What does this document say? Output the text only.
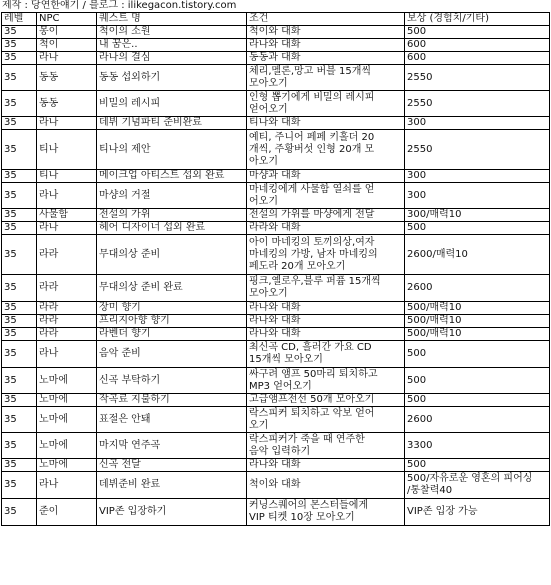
제작 : 당연한얘기 / 블로그 : ilikegacon.tistory.com
레벨	NPC	퀘스트 명	조건	보상 (경험치/기타)
35	몽이	척이의 소원	척이와 대화	500
35	척이	내 꿈은..	라나와 대화	600
35	라나	라나의 결심	동동과 대화	600
35	동동	동동 섭외하기	체리,멜론,망고 버블 15개씩
모아오기	2550
35	동동	비밀의 레시피	인형 뽑기에게 비밀의 레시피
얻어오기	2550
35	라나	데뷔 기념파티 준비완료	티나와 대화	300
35	티나	티나의 제안	예티, 주니어 페페 키홀더 20
개씩, 주황버섯 인형 20개 모
아오기	2550
35	티나	메이크업 아티스트 섭외 완료	마샹과 대화	300
35	라나	마샹의 거절	마네킹에게 사물함 열쇠를 얻
어오기	300
35	사물함	전설의 가위	전설의 가위를 마샹에게 전달	300/매력10
35	라나	헤어 디자이너 섭외 완료	라라와 대화	500
35	라라	무대의상 준비	아이 마네킹의 토끼의상,여자
마네킹의 가방, 남자 마네킹의
페도라 20개 모아오기	2600/매력10
35	라라	무대의상 준비 완료	핑크,옐로우,블루 퍼퓸 15개씩
모아오기	2600
35	라라	장미 향기	라나와 대화	500/매력10
35	라라	프리지아향 향기	라나와 대화	500/매력10
35	라라	라벤더 향기	라나와 대화	500/매력10
35	라나	음악 준비	최신곡 CD, 흘러간 가요 CD
15개씩 모아오기	500
35	노마에	신곡 부탁하기	싸구려 앰프 50마리 퇴치하고
MP3 얻어오기	500
35	노마에	작곡료 지불하기	고급앰프전선 50개 모아오기	500
35	노마에	표절은 안돼	락스피커 퇴치하고 악보 얻어
오기	2600
35	노마에	마지막 연주곡	락스피커가 죽을 때 연주한
음악 입력하기	3300
35	노마에	신곡 전달	라나와 대화	500
35	라나	데뷔준비 완료	척이와 대화	500/자유로운 영혼의 피어싱
/통찰력40
35	준이	VIP존 입장하기	커닝스퀘어의 몬스터들에게
VIP 티켓 10장 모아오기	VIP존 입장 가능
